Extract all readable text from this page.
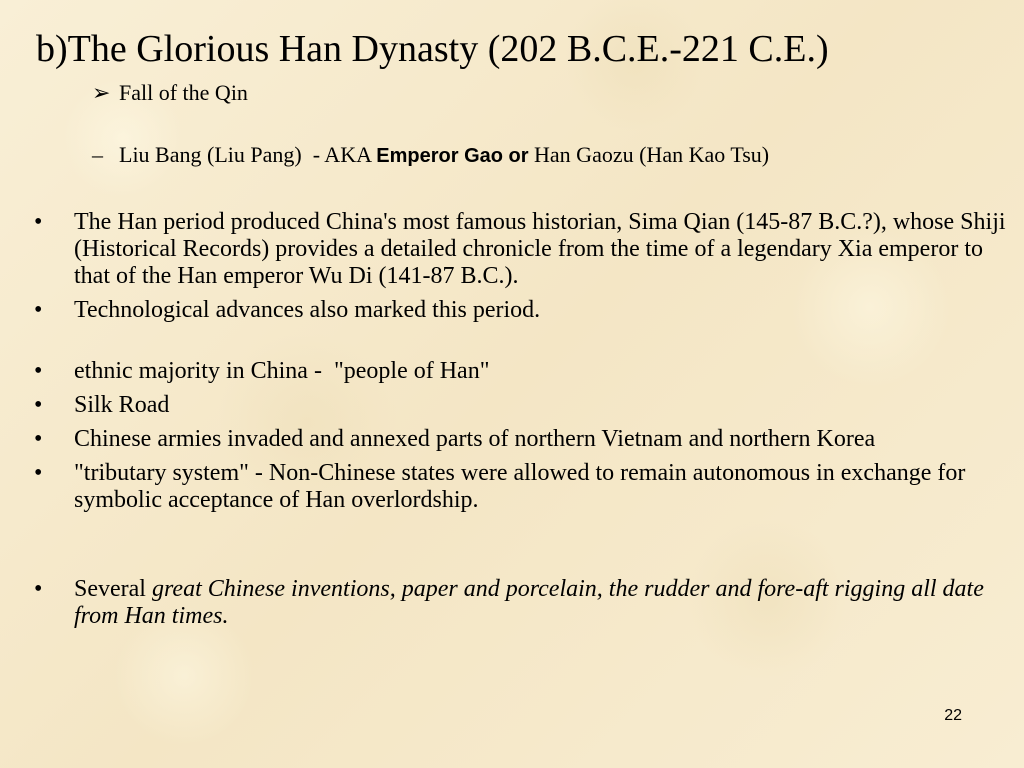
b)The Glorious Han Dynasty (202 B.C.E.-221 C.E.)
➢ Fall of the Qin
– Liu Bang (Liu Pang)  - AKA Emperor Gao or Han Gaozu (Han Kao Tsu)
• The Han period produced China's most famous historian, Sima Qian (145-87 B.C.?), whose Shiji (Historical Records) provides a detailed chronicle from the time of a legendary Xia emperor to that of the Han emperor Wu Di (141-87 B.C.).
• Technological advances also marked this period.
• ethnic majority in China -  "people of Han"
• Silk Road
• Chinese armies invaded and annexed parts of northern Vietnam and northern Korea
• "tributary system" - Non-Chinese states were allowed to remain autonomous in exchange for symbolic acceptance of Han overlordship.
• Several great Chinese inventions, paper and porcelain, the rudder and fore-aft rigging all date from Han times.
22
